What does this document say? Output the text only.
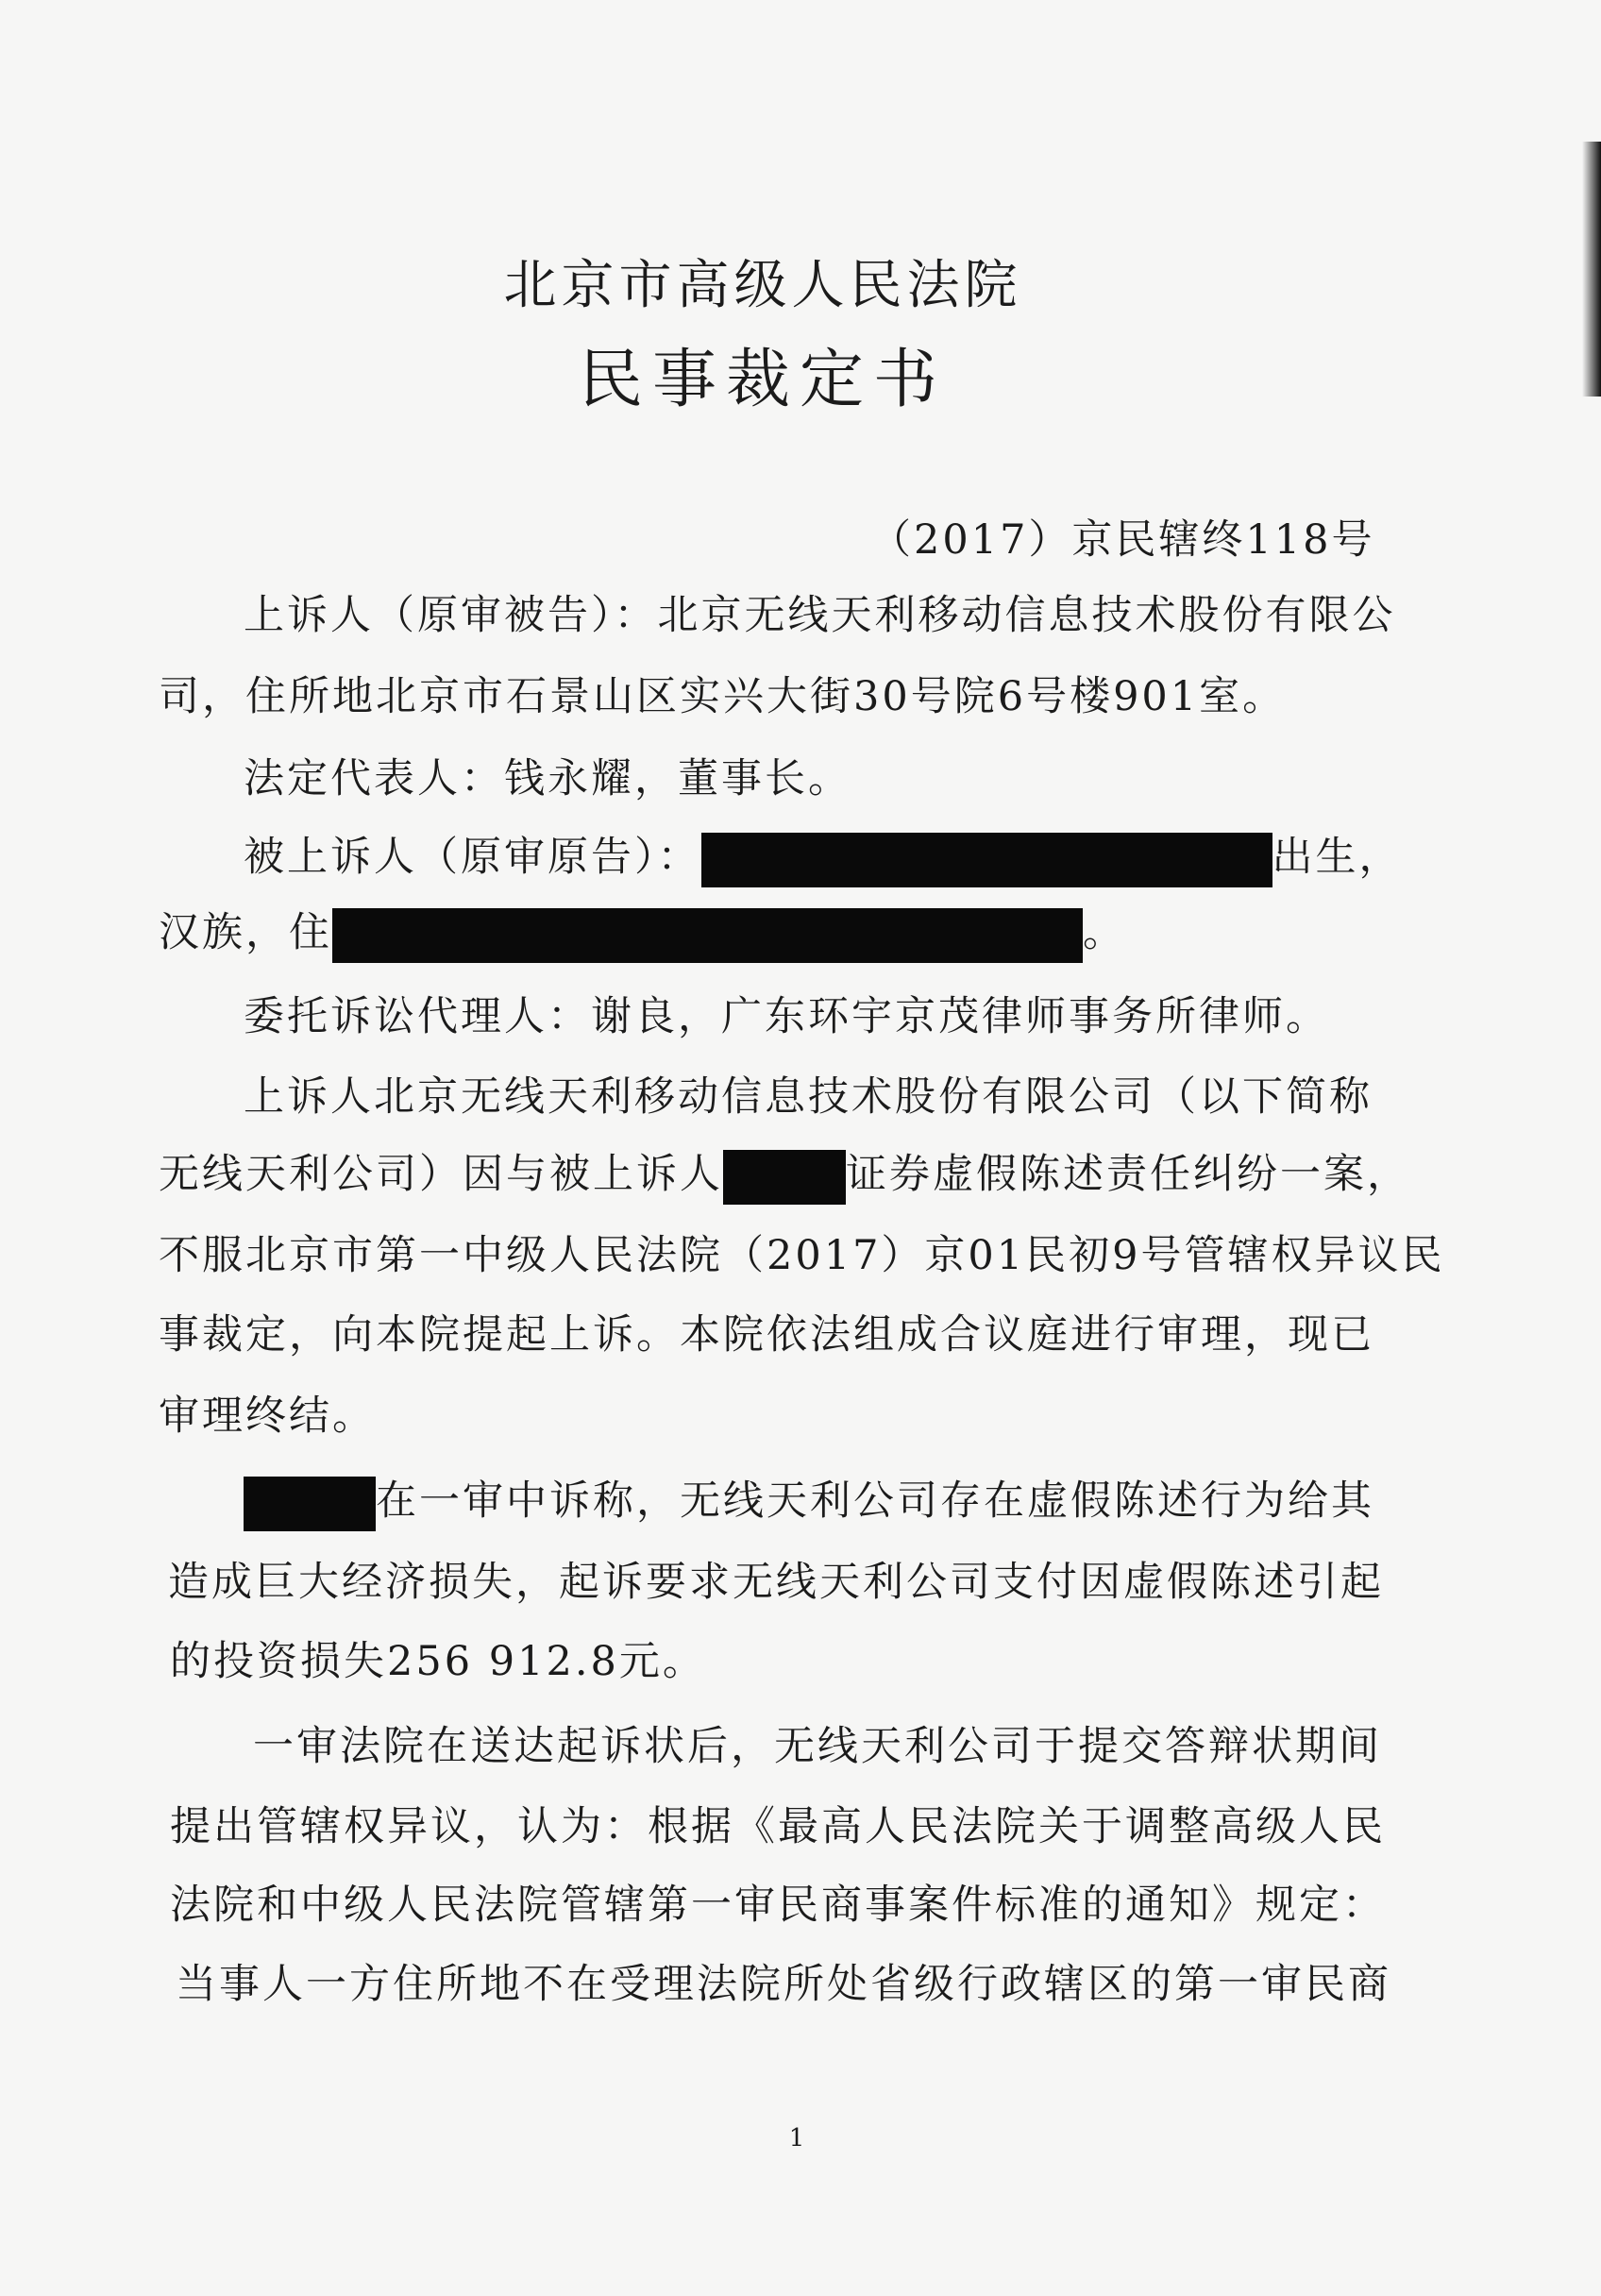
北京市高级人民法院
民事裁定书
（2017）京民辖终118号
上诉人（原审被告）：北京无线天利移动信息技术股份有限公
司，住所地北京市石景山区实兴大街30号院6号楼901室。
法定代表人：钱永耀，董事长。
被上诉人（原审原告）：	出生，
汉族，住	。
委托诉讼代理人：谢良，广东环宇京茂律师事务所律师。
上诉人北京无线天利移动信息技术股份有限公司（以下简称
无线天利公司）因与被上诉人	证券虚假陈述责任纠纷一案，
不服北京市第一中级人民法院（2017）京01民初9号管辖权异议民
事裁定，向本院提起上诉。本院依法组成合议庭进行审理，现已
审理终结。
在一审中诉称，无线天利公司存在虚假陈述行为给其
造成巨大经济损失，起诉要求无线天利公司支付因虚假陈述引起
的投资损失256 912.8元。
一审法院在送达起诉状后，无线天利公司于提交答辩状期间
提出管辖权异议，认为：根据《最高人民法院关于调整高级人民
法院和中级人民法院管辖第一审民商事案件标准的通知》规定：
当事人一方住所地不在受理法院所处省级行政辖区的第一审民商
1
